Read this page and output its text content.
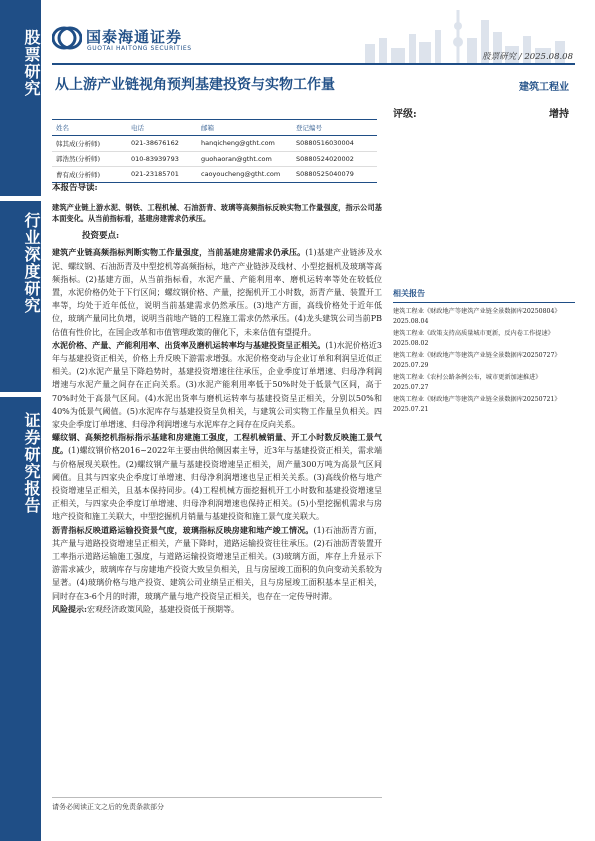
股票研究
行业深度研究
证券研究报告
国泰海通证券
GUOTAI HAITONG SECURITIES
股票研究 / 2025.08.08
从上游产业链视角预判基建投资与实物工作量	建筑工程业
评级:	增持
姓名	电话	邮箱	登记编号
韩其成(分析师)	021-38676162	hanqicheng@gtht.com	S0880516030004
郭浩然(分析师)	010-83939793	guohaoran@gtht.com	S0880524020002
曹有成(分析师)	021-23185701	caoyoucheng@gtht.com	S0880525040079
本报告导读:
建筑产业链上游水泥、钢铁、工程机械、石油沥青、玻璃等高频指标反映实物工作量强度，指示公司基本面变化。从当前指标看，基建房建需求仍承压。
投资要点:

建筑产业链高频指标判断实物工作量强度，当前基建房建需求仍承压。(1)基建产业链涉及水泥、螺纹钢、石油沥青及中型挖机等高频指标，地产产业链涉及线材、小型挖掘机及玻璃等高频指标。(2)基建方面，从当前指标看，水泥产量、产能利用率、磨机运转率等处在较低位置，水泥价格仍处于下行区间；螺纹钢价格、产量，挖掘机开工小时数，沥青产量、装置开工率等，均处于近年低位，说明当前基建需求仍然承压。(3)地产方面，高线价格处于近年低位，玻璃产量同比负增，说明当前地产链的工程施工需求仍然承压。(4)龙头建筑公司当前PB估值有性价比，在国企改革和市值管理政策的催化下，未来估值有望提升。

水泥价格、产量、产能利用率、出货率及磨机运转率均与基建投资呈正相关。(1)水泥价格近3年与基建投资正相关，价格上升反映下游需求增强。水泥价格变动与企业订单和利润呈近似正相关。(2)水泥产量呈下降趋势时，基建投资增速往往承压，企业季度订单增速、归母净利润增速与水泥产量之间存在正向关系。(3)水泥产能利用率低于50%时处于低景气区间，高于70%时处于高景气区间。(4)水泥出货率与磨机运转率与基建投资呈正相关，分别以50%和40%为低景气阈值。(5)水泥库存与基建投资呈负相关，与建筑公司实物工作量呈负相关。四家央企季度订单增速、归母净利润增速与水泥库存之间存在反向关系。

螺纹钢、高频挖机指标指示基建和房建施工强度，工程机械销量、开工小时数反映施工景气度。(1)螺纹钢价格2016~2022年主要由供给侧因素主导，近3年与基建投资正相关，需求端与价格展现关联性。(2)螺纹钢产量与基建投资增速呈正相关，周产量300万吨为高景气区间阈值。且其与四家央企季度订单增速、归母净利润增速也呈正相关关系。(3)高线价格与地产投资增速呈正相关，且基本保持同步。(4)工程机械方面挖掘机开工小时数和基建投资增速呈正相关，与四家央企季度订单增速、归母净利润增速也保持正相关。(5)小型挖掘机需求与房地产投资和施工关联大，中型挖掘机月销量与基建投资和施工景气度关联大。

沥青指标反映道路运输投资景气度，玻璃指标反映房建和地产竣工情况。(1)石油沥青方面，其产量与道路投资增速呈正相关，产量下降时，道路运输投资往往承压。(2)石油沥青装置开工率指示道路运输施工强度，与道路运输投资增速呈正相关。(3)玻璃方面，库存上升显示下游需求减少，玻璃库存与房建地产投资大致呈负相关，且与房屋竣工面积的负向变动关系较为显著。(4)玻璃价格与地产投资、建筑公司业绩呈正相关，且与房屋竣工面积基本呈正相关，同时存在3-6个月的时滞，玻璃产量与地产投资呈正相关，也存在一定传导时滞。

风险提示:宏观经济政策风险，基建投资低于预期等。

相关报告
建筑工程业《财政地产等建筑产业链全景数据库20250804》2025.08.04
建筑工程业《政策支持高质量城市更新，反内卷工作提速》2025.08.02
建筑工程业《财政地产等建筑产业链全景数据库20250727》2025.07.29
建筑工程业《农村公路条例公布，城市更新加速推进》2025.07.27
建筑工程业《财政地产等建筑产业链全景数据库20250721》2025.07.21
请务必阅读正文之后的免责条款部分
